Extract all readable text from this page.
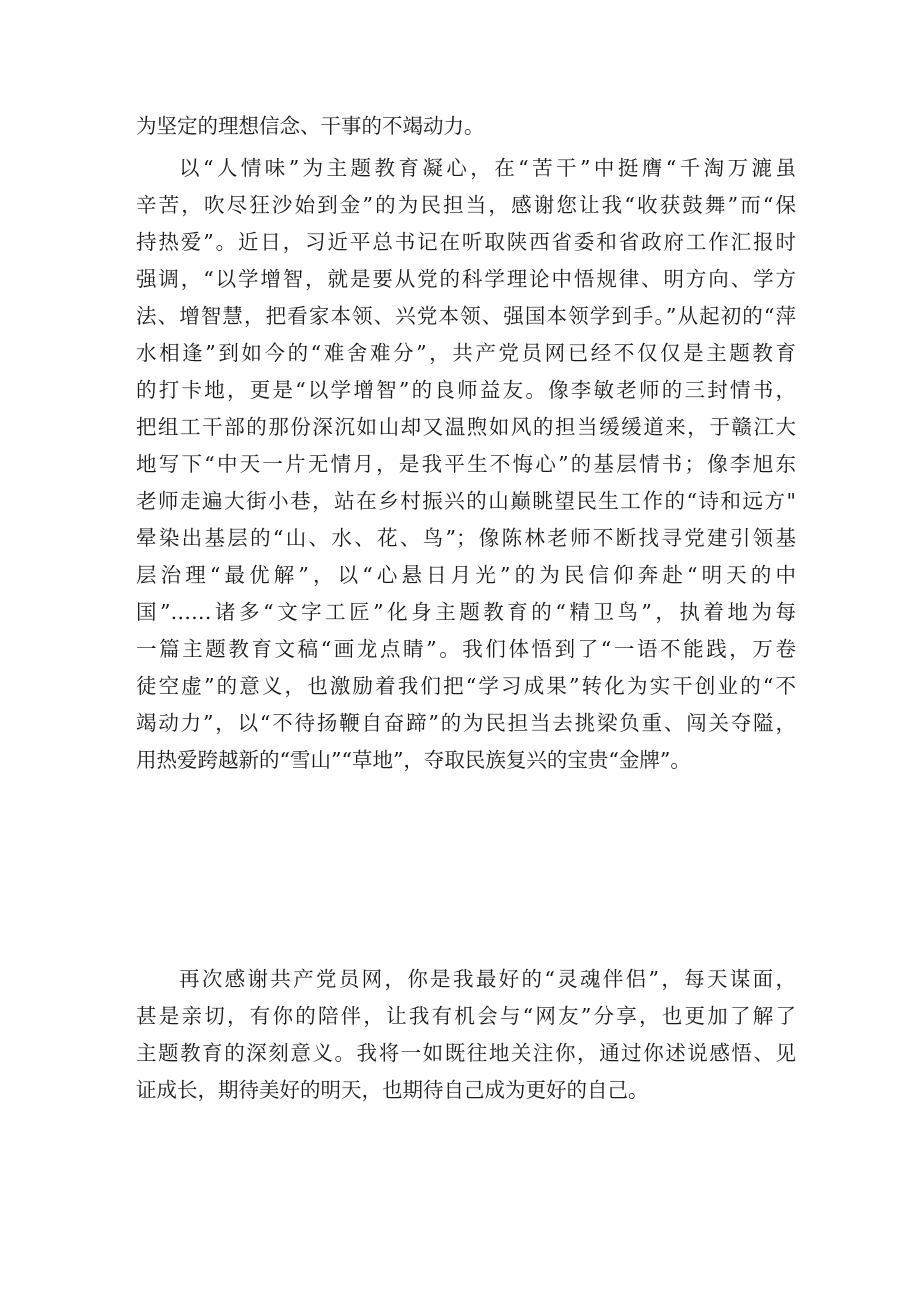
为坚定的理想信念、干事的不竭动力。
以“人情味”为主题教育凝心，在“苦干”中挺膺“千淘万漉虽
辛苦，吹尽狂沙始到金”的为民担当，感谢您让我“收获鼓舞”而“保
持热爱”。近日，习近平总书记在听取陕西省委和省政府工作汇报时
强调，“以学增智，就是要从党的科学理论中悟规律、明方向、学方
法、增智慧，把看家本领、兴党本领、强国本领学到手。”从起初的“萍
水相逢”到如今的“难舍难分”，共产党员网已经不仅仅是主题教育
的打卡地，更是“以学增智”的良师益友。像李敏老师的三封情书，
把组工干部的那份深沉如山却又温煦如风的担当缓缓道来，于赣江大
地写下“中天一片无情月，是我平生不悔心”的基层情书；像李旭东
老师走遍大街小巷，站在乡村振兴的山巅眺望民生工作的“诗和远方"
晕染出基层的“山、水、花、鸟”；像陈林老师不断找寻党建引领基
层治理“最优解”，以“心悬日月光”的为民信仰奔赴“明天的中
国”……诸多“文字工匠”化身主题教育的“精卫鸟”，执着地为每
一篇主题教育文稿“画龙点睛”。我们体悟到了“一语不能践，万卷
徒空虚”的意义，也激励着我们把“学习成果”转化为实干创业的“不
竭动力”，以“不待扬鞭自奋蹄”的为民担当去挑梁负重、闯关夺隘，
用热爱跨越新的“雪山”“草地”，夺取民族复兴的宝贵“金牌”。
再次感谢共产党员网，你是我最好的“灵魂伴侣”，每天谋面，
甚是亲切，有你的陪伴，让我有机会与“网友”分享，也更加了解了
主题教育的深刻意义。我将一如既往地关注你，通过你述说感悟、见
证成长，期待美好的明天，也期待自己成为更好的自己。
